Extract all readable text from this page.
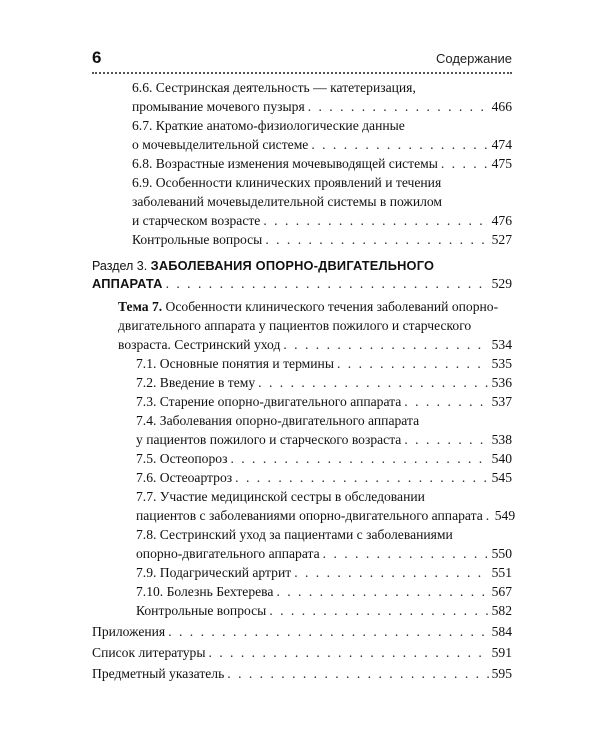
6	Содержание
6.6. Сестринская деятельность — катетеризация,
промывание мочевого пузыря . . .	466
6.7. Краткие анатомо-физиологические данные
о мочевыделительной системе . . .	474
6.8. Возрастные изменения мочевыводящей системы . . .	475
6.9. Особенности клинических проявлений и течения
заболеваний мочевыделительной системы в пожилом
и старческом возрасте . . .	476
Контрольные вопросы . . .	527
Раздел 3.
ЗАБОЛЕВАНИЯ ОПОРНО-ДВИГАТЕЛЬНОГО
АППАРАТА . . .	529
Тема 7. Особенности клинического течения заболеваний опорно-
двигательного аппарата у пациентов пожилого и старческого
возраста. Сестринский уход . . .	534
7.1. Основные понятия и термины . . .	535
7.2. Введение в тему . . .	536
7.3. Старение опорно-двигательного аппарата . . .	537
7.4. Заболевания опорно-двигательного аппарата
у пациентов пожилого и старческого возраста . . .	538
7.5. Остеопороз . . .	540
7.6. Остеоартроз . . .	545
7.7. Участие медицинской сестры в обследовании
пациентов с заболеваниями опорно-двигательного аппарата . . . 549
7.8. Сестринский уход за пациентами с заболеваниями
опорно-двигательного аппарата . . .	550
7.9. Подагрический артрит . . .	551
7.10. Болезнь Бехтерева . . .	567
Контрольные вопросы . . .	582
Приложения . . .	584
Список литературы . . .	591
Предметный указатель . . .	595
